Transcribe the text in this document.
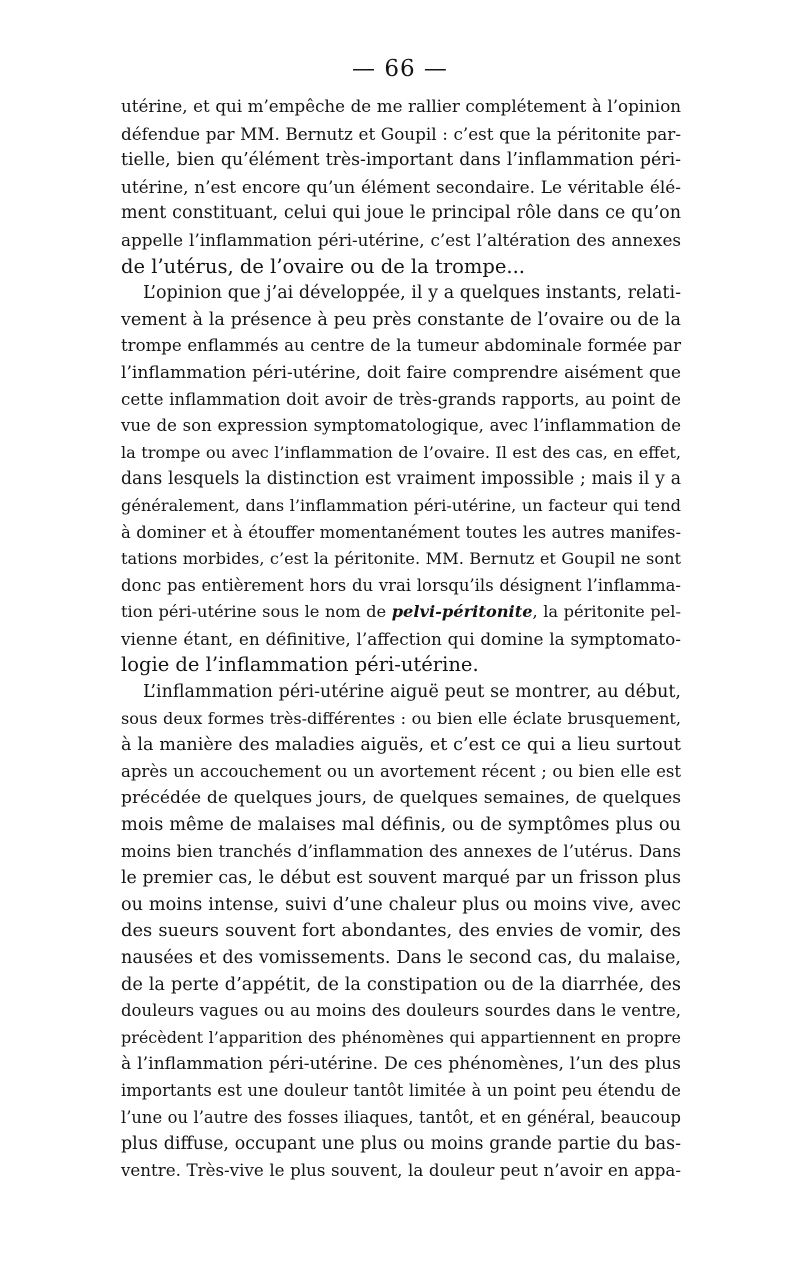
— 66 —
utérine, et qui m’empêche de me rallier complétement à l’opinion
défendue par MM. Bernutz et Goupil : c’est que la péritonite par-
tielle, bien qu’élément très-important dans l’inflammation péri-
utérine, n’est encore qu’un élément secondaire. Le véritable élé-
ment constituant, celui qui joue le principal rôle dans ce qu’on
appelle l’inflammation péri-utérine, c’est l’altération des annexes
de l’utérus, de l’ovaire ou de la trompe...
L’opinion que j’ai développée, il y a quelques instants, relati-
vement à la présence à peu près constante de l’ovaire ou de la
trompe enflammés au centre de la tumeur abdominale formée par
l’inflammation péri-utérine, doit faire comprendre aisément que
cette inflammation doit avoir de très-grands rapports, au point de
vue de son expression symptomatologique, avec l’inflammation de
la trompe ou avec l’inflammation de l’ovaire. Il est des cas, en effet,
dans lesquels la distinction est vraiment impossible ; mais il y a
généralement, dans l’inflammation péri-utérine, un facteur qui tend
à dominer et à étouffer momentanément toutes les autres manifes-
tations morbides, c’est la péritonite. MM. Bernutz et Goupil ne sont
donc pas entièrement hors du vrai lorsqu’ils désignent l’inflamma-
tion péri-utérine sous le nom de pelvi-péritonite, la péritonite pel-
vienne étant, en définitive, l’affection qui domine la symptomato-
logie de l’inflammation péri-utérine.
L’inflammation péri-utérine aiguë peut se montrer, au début,
sous deux formes très-différentes : ou bien elle éclate brusquement,
à la manière des maladies aiguës, et c’est ce qui a lieu surtout
après un accouchement ou un avortement récent ; ou bien elle est
précédée de quelques jours, de quelques semaines, de quelques
mois même de malaises mal définis, ou de symptômes plus ou
moins bien tranchés d’inflammation des annexes de l’utérus. Dans
le premier cas, le début est souvent marqué par un frisson plus
ou moins intense, suivi d’une chaleur plus ou moins vive, avec
des sueurs souvent fort abondantes, des envies de vomir, des
nausées et des vomissements. Dans le second cas, du malaise,
de la perte d’appétit, de la constipation ou de la diarrhée, des
douleurs vagues ou au moins des douleurs sourdes dans le ventre,
précèdent l’apparition des phénomènes qui appartiennent en propre
à l’inflammation péri-utérine. De ces phénomènes, l’un des plus
importants est une douleur tantôt limitée à un point peu étendu de
l’une ou l’autre des fosses iliaques, tantôt, et en général, beaucoup
plus diffuse, occupant une plus ou moins grande partie du bas-
ventre. Très-vive le plus souvent, la douleur peut n’avoir en appa-
